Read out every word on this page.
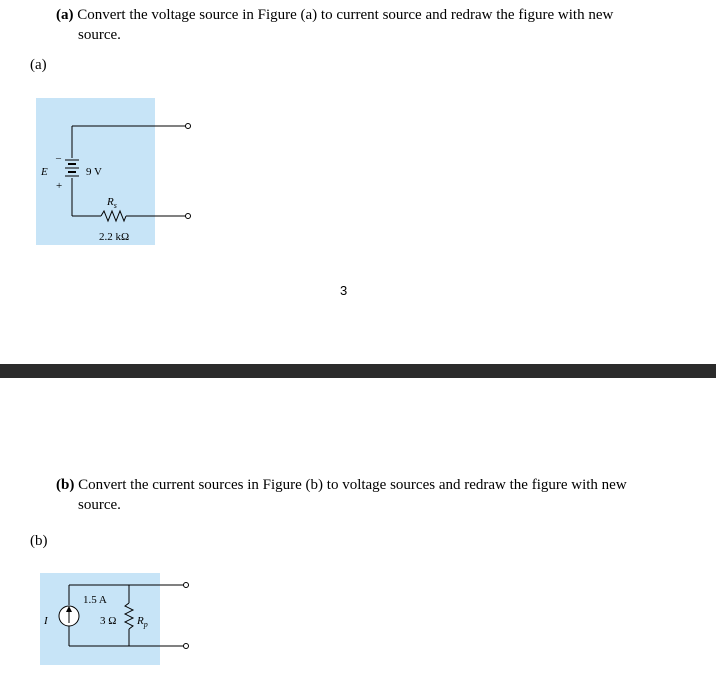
(a) Convert the voltage source in Figure (a) to current source and redraw the figure with new
source.
(a)
E
–
+
9 V
$R_s$
2.2 kΩ
3
(b) Convert the current sources in Figure (b) to voltage sources and redraw the figure with new
source.
(b)
I
1.5 A
3 Ω $R_p$
